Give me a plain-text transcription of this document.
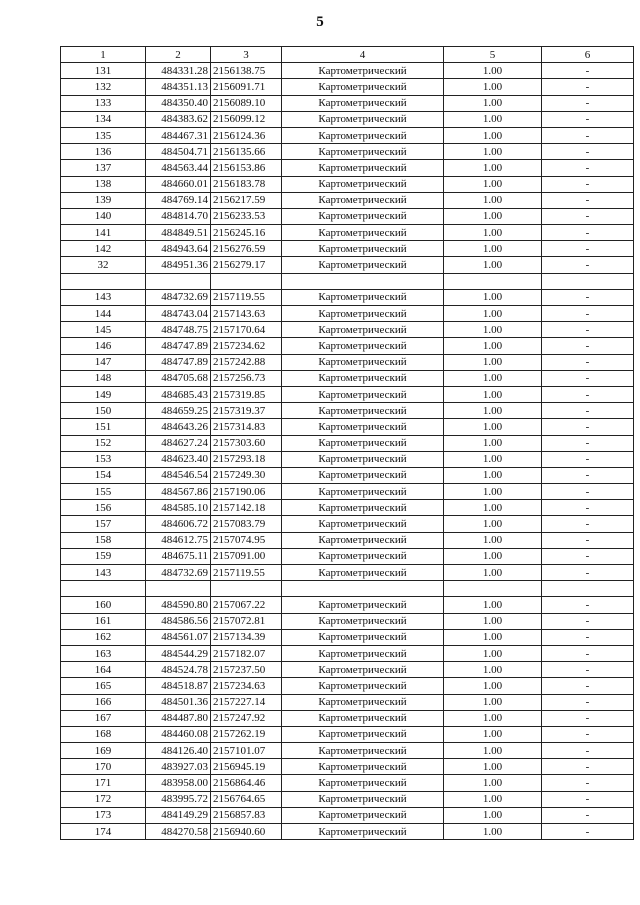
5
1	2	3	4	5	6
131	484331.28	2156138.75	Картометрический	1.00	-
132	484351.13	2156091.71	Картометрический	1.00	-
133	484350.40	2156089.10	Картометрический	1.00	-
134	484383.62	2156099.12	Картометрический	1.00	-
135	484467.31	2156124.36	Картометрический	1.00	-
136	484504.71	2156135.66	Картометрический	1.00	-
137	484563.44	2156153.86	Картометрический	1.00	-
138	484660.01	2156183.78	Картометрический	1.00	-
139	484769.14	2156217.59	Картометрический	1.00	-
140	484814.70	2156233.53	Картометрический	1.00	-
141	484849.51	2156245.16	Картометрический	1.00	-
142	484943.64	2156276.59	Картометрический	1.00	-
32	484951.36	2156279.17	Картометрический	1.00	-

143	484732.69	2157119.55	Картометрический	1.00	-
144	484743.04	2157143.63	Картометрический	1.00	-
145	484748.75	2157170.64	Картометрический	1.00	-
146	484747.89	2157234.62	Картометрический	1.00	-
147	484747.89	2157242.88	Картометрический	1.00	-
148	484705.68	2157256.73	Картометрический	1.00	-
149	484685.43	2157319.85	Картометрический	1.00	-
150	484659.25	2157319.37	Картометрический	1.00	-
151	484643.26	2157314.83	Картометрический	1.00	-
152	484627.24	2157303.60	Картометрический	1.00	-
153	484623.40	2157293.18	Картометрический	1.00	-
154	484546.54	2157249.30	Картометрический	1.00	-
155	484567.86	2157190.06	Картометрический	1.00	-
156	484585.10	2157142.18	Картометрический	1.00	-
157	484606.72	2157083.79	Картометрический	1.00	-
158	484612.75	2157074.95	Картометрический	1.00	-
159	484675.11	2157091.00	Картометрический	1.00	-
143	484732.69	2157119.55	Картометрический	1.00	-

160	484590.80	2157067.22	Картометрический	1.00	-
161	484586.56	2157072.81	Картометрический	1.00	-
162	484561.07	2157134.39	Картометрический	1.00	-
163	484544.29	2157182.07	Картометрический	1.00	-
164	484524.78	2157237.50	Картометрический	1.00	-
165	484518.87	2157234.63	Картометрический	1.00	-
166	484501.36	2157227.14	Картометрический	1.00	-
167	484487.80	2157247.92	Картометрический	1.00	-
168	484460.08	2157262.19	Картометрический	1.00	-
169	484126.40	2157101.07	Картометрический	1.00	-
170	483927.03	2156945.19	Картометрический	1.00	-
171	483958.00	2156864.46	Картометрический	1.00	-
172	483995.72	2156764.65	Картометрический	1.00	-
173	484149.29	2156857.83	Картометрический	1.00	-
174	484270.58	2156940.60	Картометрический	1.00	-
